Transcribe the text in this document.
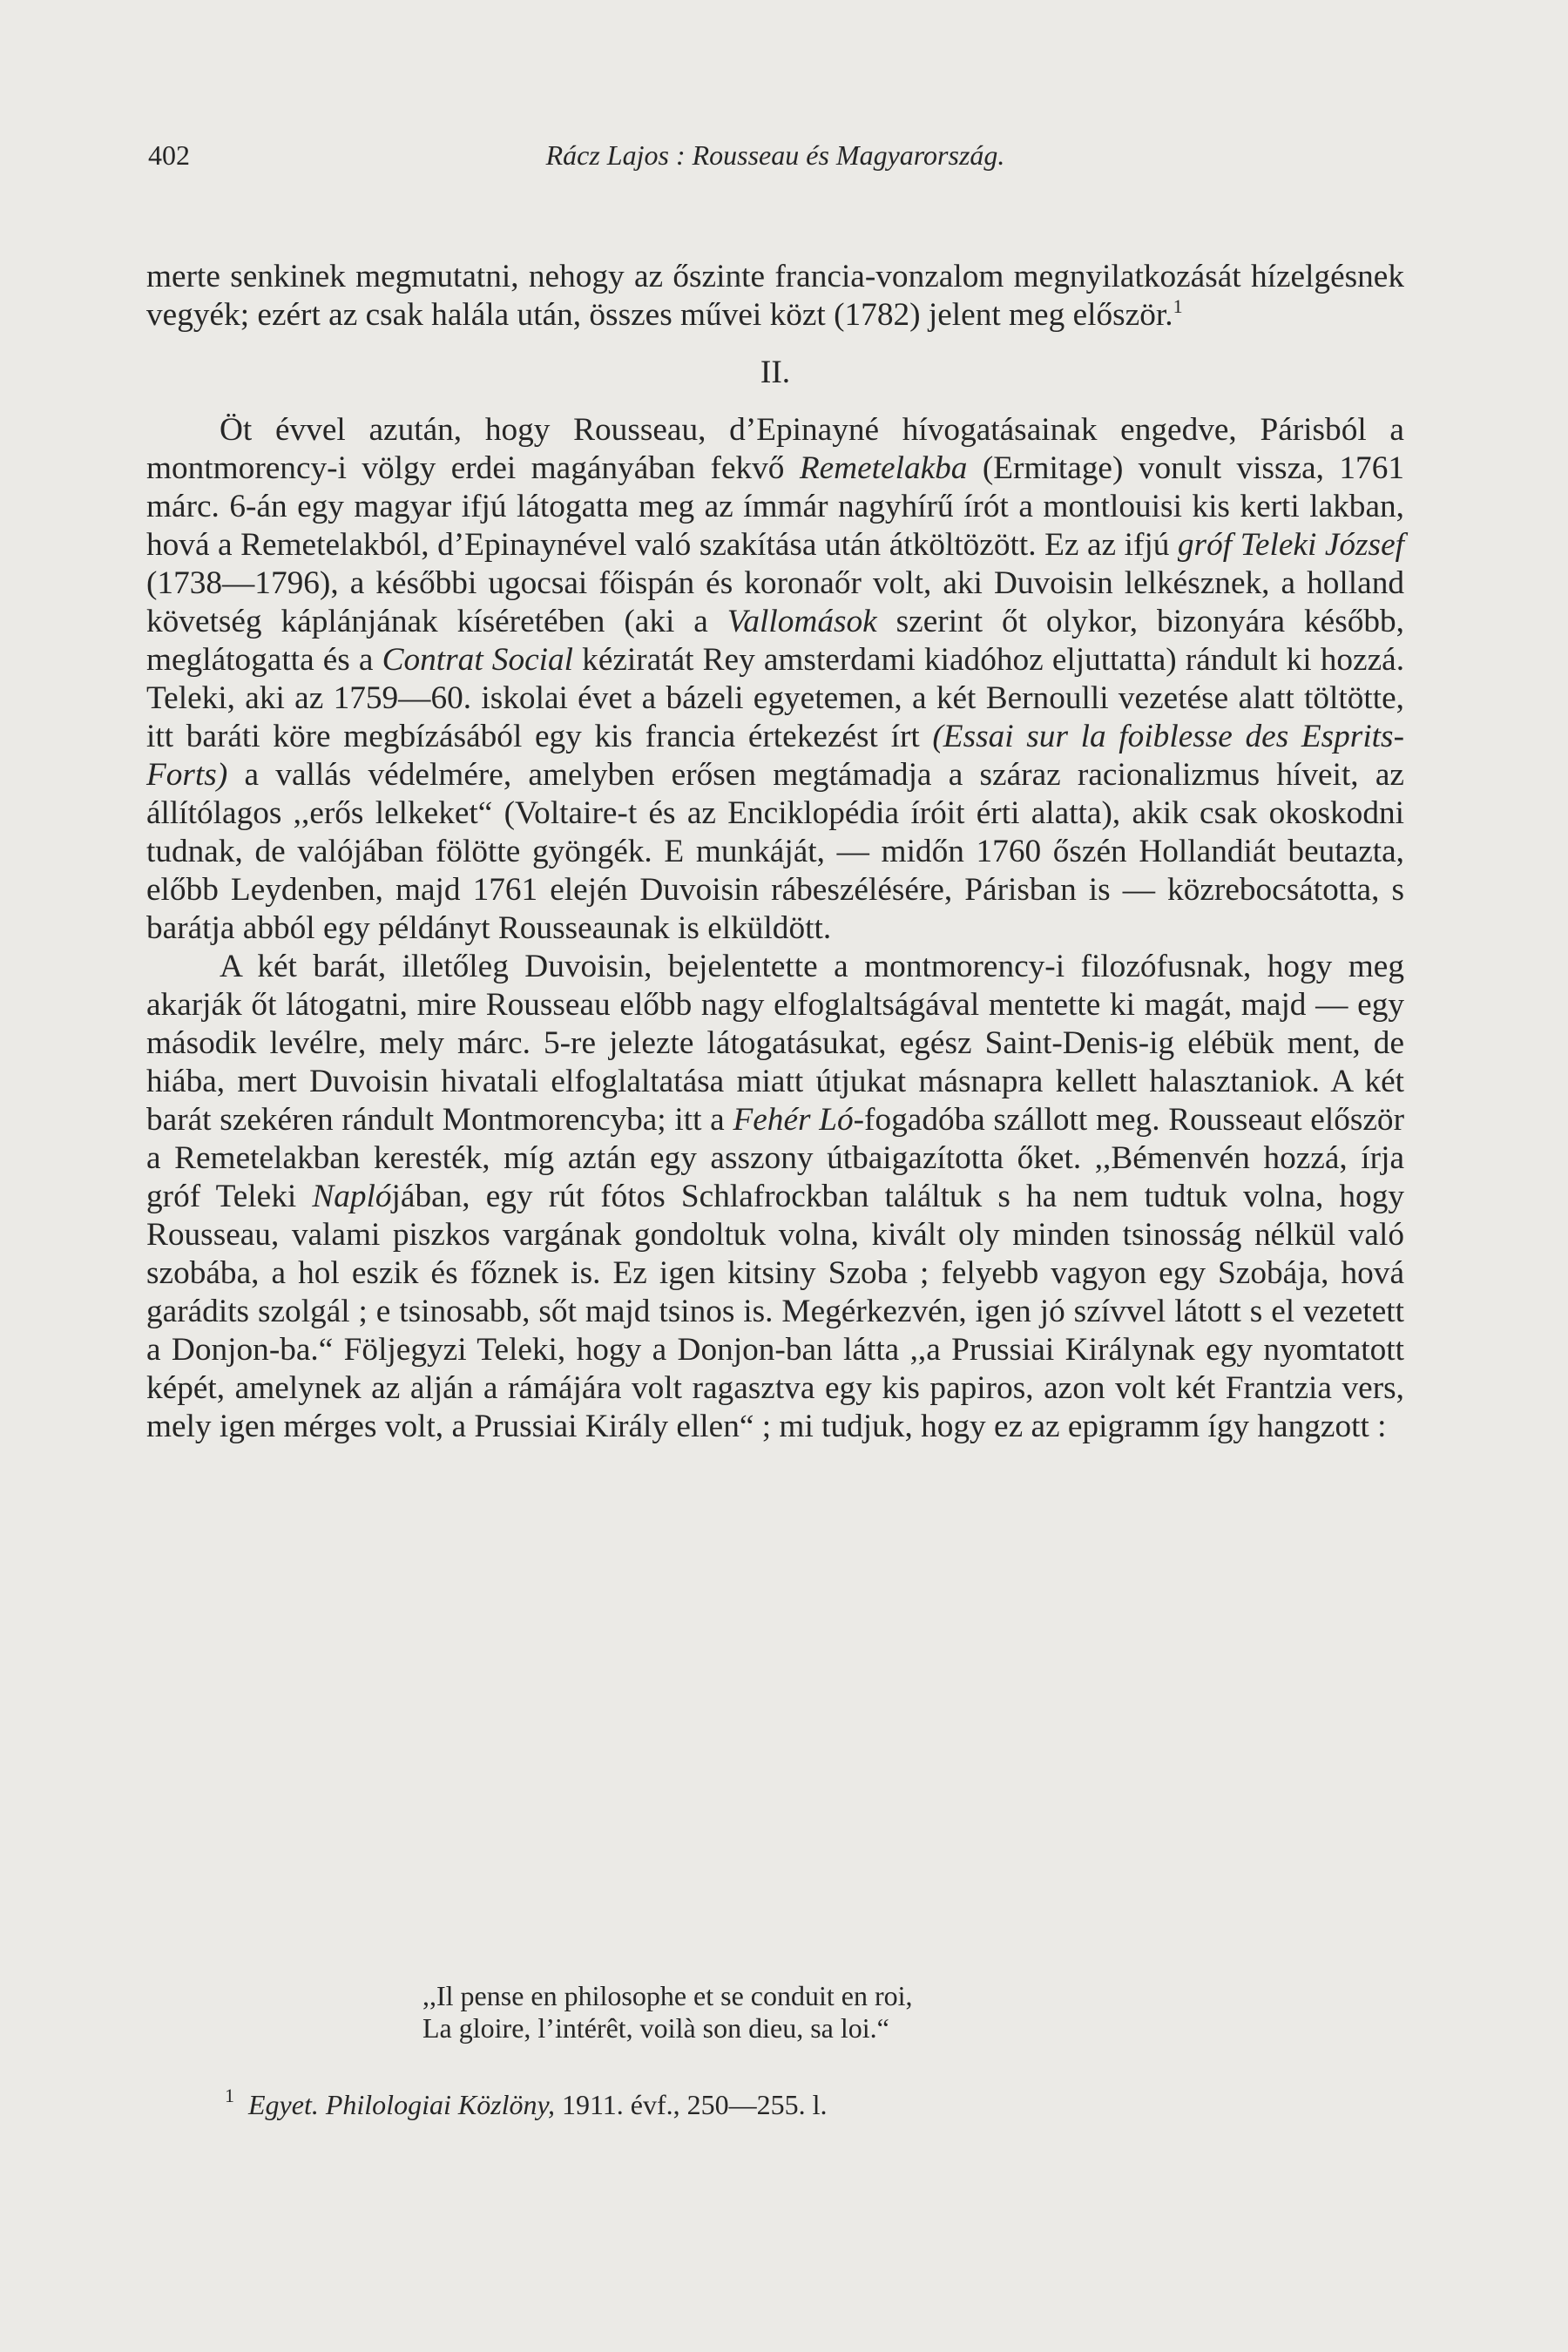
402	Rácz Lajos : Rousseau és Magyarország.

merte senkinek megmutatni, nehogy az őszinte francia-vonzalom megnyilatkozását hízelgésnek vegyék; ezért az csak halála után, összes művei közt (1782) jelent meg először.$^1$

II.

Öt évvel azután, hogy Rousseau, d’Epinayné hívogatásainak engedve, Párisból a montmorency-i völgy erdei magányában fekvő Remetelakba (Ermitage) vonult vissza, 1761 márc. 6-án egy magyar ifjú látogatta meg az ímmár nagyhírű írót a montlouisi kis kerti lakban, hová a Remetelakból, d’Epinaynével való szakítása után átköltözött. Ez az ifjú gróf Teleki József (1738—1796), a későbbi ugocsai főispán és koronaőr volt, aki Duvoisin lelkésznek, a holland követség káplánjának kíséretében (aki a Vallomások szerint őt olykor, bizonyára később, meglátogatta és a Contrat Social kéziratát Rey amsterdami kiadóhoz eljuttatta) rándult ki hozzá. Teleki, aki az 1759—60. iskolai évet a bázeli egyetemen, a két Bernoulli vezetése alatt töltötte, itt baráti köre megbízásából egy kis francia értekezést írt (Essai sur la foiblesse des Esprits-Forts) a vallás védelmére, amelyben erősen megtámadja a száraz racionalizmus híveit, az állítólagos ,,erős lelkeket“ (Voltaire-t és az Enciklopédia íróit érti alatta), akik csak okoskodni tudnak, de valójában fölötte gyöngék. E munkáját, — midőn 1760 őszén Hollandiát beutazta, előbb Leydenben, majd 1761 elején Duvoisin rábeszélésére, Párisban is — közrebocsátotta, s barátja abból egy példányt Rousseaunak is elküldött.

A két barát, illetőleg Duvoisin, bejelentette a montmorency-i filozófusnak, hogy meg akarják őt látogatni, mire Rousseau előbb nagy elfoglaltságával mentette ki magát, majd — egy második levélre, mely márc. 5-re jelezte látogatásukat, egész Saint-Denis-ig elébük ment, de hiába, mert Duvoisin hivatali elfoglaltatása miatt útjukat másnapra kellett halasztaniok. A két barát szekéren rándult Montmorencyba; itt a Fehér Ló-fogadóba szállott meg. Rousseaut először a Remetelakban keresték, míg aztán egy asszony útbaigazította őket. ,,Bémenvén hozzá, írja gróf Teleki Naplójában, egy rút fótos Schlafrockban találtuk s ha nem tudtuk volna, hogy Rousseau, valami piszkos vargának gondoltuk volna, kivált oly minden tsinosság nélkül való szobába, a hol eszik és főznek is. Ez igen kitsiny Szoba ; felyebb vagyon egy Szobája, hová garádits szolgál ; e tsinosabb, sőt majd tsinos is. Megérkezvén, igen jó szívvel látott s el vezetett a Donjon-ba.“ Följegyzi Teleki, hogy a Donjon-ban látta ,,a Prussiai Királynak egy nyomtatott képét, amelynek az alján a rámájára volt ragasztva egy kis papiros, azon volt két Frantzia vers, mely igen mérges volt, a Prussiai Király ellen“ ; mi tudjuk, hogy ez az epigramm így hangzott :

,,Il pense en philosophe et se conduit en roi,
La gloire, l’intérêt, voilà son dieu, sa loi.“
$^1$ Egyet. Philologiai Közlöny, 1911. évf., 250—255. l.
